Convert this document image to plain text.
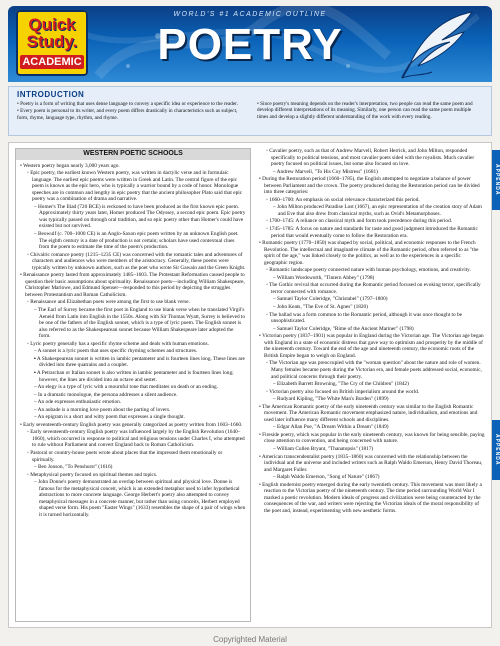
Quick
Study.
ACADEMIC
WORLD'S #1 ACADEMIC OUTLINE
POETRY
INTRODUCTION

• Poetry is a form of writing that uses dense language to convey a specific idea or experience to the reader.

• Every poem is personal to its writer, and every poem differs drastically in characteristics such as subject, form, rhyme, language type, rhythm, and rhyme.

• Since poetry's meaning depends on the reader's interpretation, two people can read the same poem and develop different interpretations of its meaning. Similarly, one person can read the same poem multiple times and develop a slightly different understanding of the work with every reading.

WESTERN POETIC SCHOOLS

• Western poetry began nearly 3,000 years ago.

◦ Epic poetry, the earliest known Western poetry, was written in dactylic verse and in formulaic language. The earliest epic poems were written in Greek and Latin. The central figure of the epic poem is known as the epic hero, who is typically a warrior bound by a code of honor. Monologue speeches are in common and lengthy in epic poetry that the ancient philosopher Plato said that epic poetry was a combination of drama and narrative.

– Homer's The Iliad (720 BCE) is reckoned to have been produced as the first known epic poem. Approximately thirty years later, Homer produced The Odyssey, a second epic poem. Epic poetry was typically passed on through oral tradition, and so epic poetry other than Homer's could have existed but not survived.

– Beowulf (c. 700–1000 CE) is an Anglo-Saxon epic poem written by an unknown English poet. The eighth century is a date of production is not certain; scholars have used contextual clues from the poem to estimate the time of the poem's production.

◦ Chivalric romance poetry (1215–1235 CE) was concerned with the romantic tales and adventures of characters and audiences who were members of the aristocracy. Generally, these poems were typically written by unknown authors, such as the poet who wrote Sir Gawain and the Green Knight.

• Renaissance poetry lasted from approximately 1485–1603. The Protestant Reformation caused people to question their basic assumptions about spirituality. Renaissance poets—including William Shakespeare, Christopher Marlowe, and Edmund Spenser—responded to this period by depicting the struggles between Protestantism and Roman Catholicism.

◦ Renaissance and Elizabethan poets were among the first to use blank verse.

– The Earl of Surrey became the first poet in England to use blank verse when he translated Virgil's Aeneid from Latin into English in the 1550s. Along with Sir Thomas Wyatt, Surrey is believed to be one of the fathers of the English sonnet, which is a type of lyric poem. The English sonnet is also referred to as the Shakespearean sonnet because William Shakespeare later adopted the form.

◦ Lyric poetry generally has a specific rhyme scheme and deals with human emotions.

– A sonnet is a lyric poem that uses specific rhyming schemes and structures.

▪ A Shakespearean sonnet is written in iambic pentameter and is fourteen lines long. These lines are divided into three quatrains and a couplet.

▪ A Petrarchan or Italian sonnet is also written in iambic pentameter and is fourteen lines long; however, the lines are divided into an octave and sestet.

– An elegy is a type of lyric with a mournful tone that meditates on death or an ending.

– In a dramatic monologue, the persona addresses a silent audience.

– An ode expresses enthusiastic emotion.

– An aubade is a morning love poem about the parting of lovers.

– An epigram is a short and witty poem that expresses a single thought.

• Early seventeenth-century English poetry was generally categorized as poetry written from 1603–1660.

◦ Early seventeenth-century English poetry was influenced largely by the English Revolution (1640–1660), which occurred in response to political and religious tensions under Charles I, who attempted to rule without Parliament and convert England back to Roman Catholicism.

◦ Pastoral or country-house poets wrote about places that the impressed them emotionally or spiritually.

– Ben Jonson, "To Penshurst" (1616)

◦ Metaphysical poetry focused on spiritual themes and topics.

– John Donne's poetry demonstrated an overlap between spiritual and physical love. Donne is famous for the metaphysical conceit, which is an extended metaphor used to infer hypothetical abstractions to more concrete language. George Herbert's poetry also attempted to convey metaphysical messages in a concrete manner, but rather than using conceits, Herbert employed shaped verse form. His poem "Easter Wings" (1633) resembles the shape of a pair of wings when it is turned horizontally.

◦ Cavalier poetry, such as that of Andrew Marvell, Robert Herrick, and John Milton, responded specifically to political tensions, and most cavalier poets sided with the royalists. Much cavalier poetry focused on political issues, but some also focused on love.

– Andrew Marvell, "To His Coy Mistress" (1681)

• During the Restoration period (1660–1785), the English attempted to negotiate a balance of power between Parliament and the crown. The poetry produced during the Restoration period can be divided into three categories:

◦ 1660–1700: An emphasis on social relevance characterized this period.

– John Milton produced Paradise Lost (1667), an epic representation of the creation story of Adam and Eve that also drew from classical myths, such as Ovid's Metamorphoses.

◦ 1700–1745: A reliance on classical myth and form took precedence during this period.

◦ 1745–1785: A focus on nature and standards for taste and good judgment introduced the Romantic period that would eventually come to follow the Restoration era.

• Romantic poetry (1770–1850) was shaped by social, political, and economic responses to the French Revolution. The intellectual and imaginative climate of the Romantic period, often referred to as "the spirit of the age," was linked closely to the politics, as well as to the experiences in a specific geographic region.

◦ Romantic landscape poetry connected nature with human psychology, emotions, and creativity.

– William Wordsworth, "Tintern Abbey" (1798)

◦ The Gothic revival that occurred during the Romantic period focused on evoking terror, specifically terror connected with romance.

– Samuel Taylor Coleridge, "Christabel" (1797–1800)

– John Keats, "The Eve of St. Agnes" (1820)

◦ The ballad was a form common to the Romantic period, although it was once thought to be unsophisticated.

– Samuel Taylor Coleridge, "Rime of the Ancient Mariner" (1798)

• Victorian poetry (1837–1901) was popular in England during the Victorian age. The Victorian age began with England in a state of economic distress that gave way to optimism and prosperity by the middle of the nineteenth century. Toward the end of the age and nineteenth century, the economic roots of the British Empire began to weigh on England.

◦ The Victorian age was preoccupied with the "woman question" about the nature and role of women. Many females became poets during the Victorian era, and female poets addressed social, economic, and political concerns through their poetry.

– Elizabeth Barrett Browning, "The Cry of the Children" (1842)

◦ Victorian poetry also focused on British imperialism around the world.

– Rudyard Kipling, "The White Man's Burden" (1899)

• The American Romantic poetry of the early nineteenth century was similar to the English Romantic movement. The American Romantic movement emphasized nature, individualism, and emotions and used later influence many different schools and disciplines.

– Edgar Allan Poe, "A Dream Within a Dream" (1849)

• Fireside poetry, which was popular in the early nineteenth century, was known for being sensible, paying close attention to convention, and being concerned with nature.

– William Cullen Bryant, "Thanatopsis" (1817)

• American transcendentalist poetry (1835–1860) was concerned with the relationship between the individual and the universe and included writers such as Ralph Waldo Emerson, Henry David Thoreau, and Margaret Fuller.

– Ralph Waldo Emerson, "Song of Nature" (1867)

• English modernist poetry emerged during the early twentieth century. This movement was most likely a reaction to the Victorian poetry of the nineteenth century. The time period surrounding World War I marked a poetic revolution. Modern ideals of progress and civilization were being counteracted by the consequences of the war, and writers were rejecting the Victorian ideals of the moral responsibility of the poet and, instead, experimenting with new aesthetic forms.

APPENDA
APPENDA
Copyrighted Material
